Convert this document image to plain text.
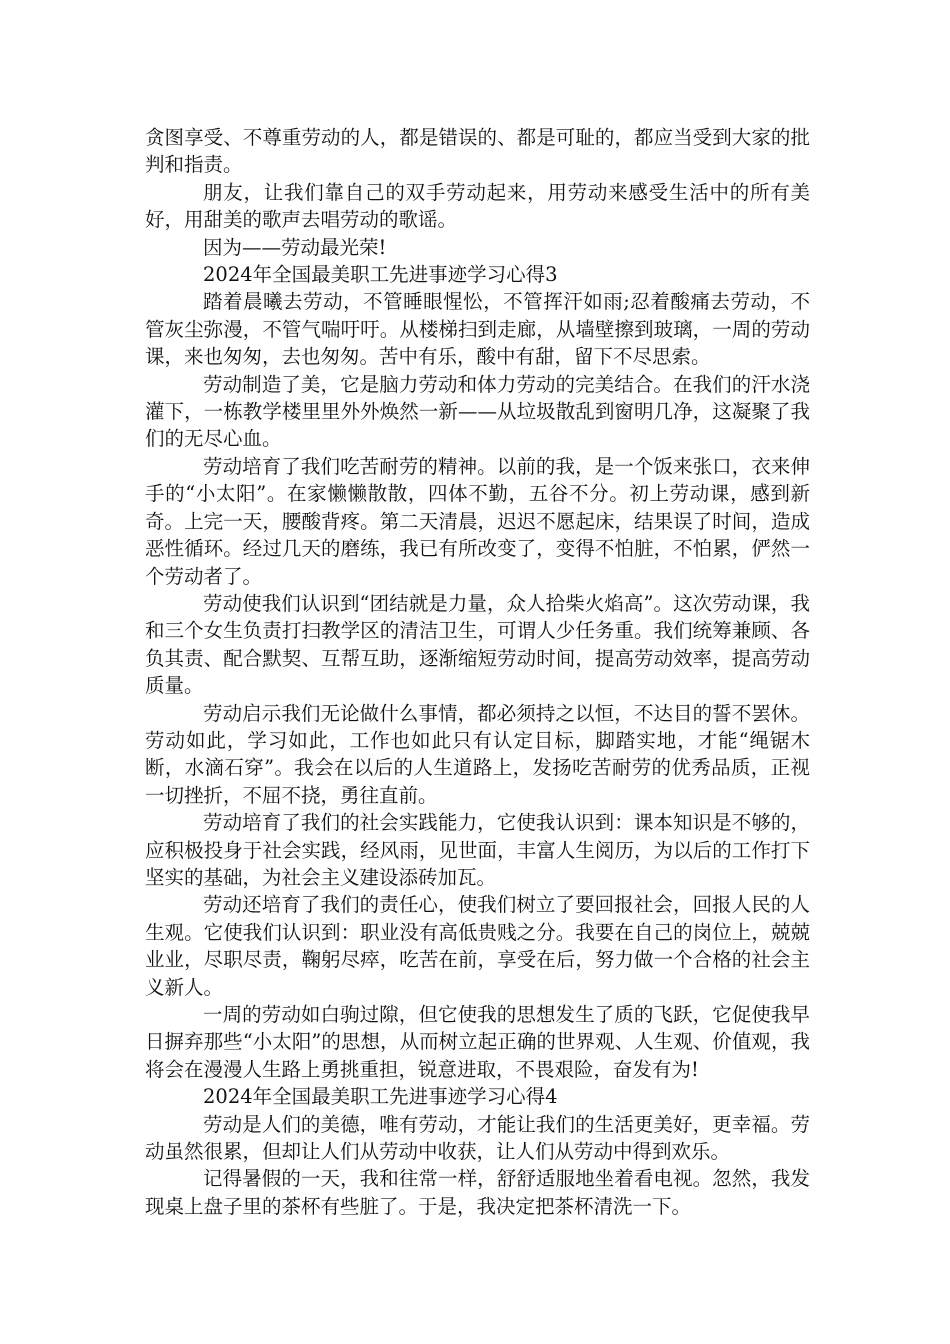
贪图享受、不尊重劳动的人，都是错误的、都是可耻的，都应当受到大家的批判和指责。

朋友，让我们靠自己的双手劳动起来，用劳动来感受生活中的所有美好，用甜美的歌声去唱劳动的歌谣。

因为——劳动最光荣!

2024年全国最美职工先进事迹学习心得3

踏着晨曦去劳动，不管睡眼惺忪，不管挥汗如雨;忍着酸痛去劳动，不管灰尘弥漫，不管气喘吁吁。从楼梯扫到走廊，从墙壁擦到玻璃，一周的劳动课，来也匆匆，去也匆匆。苦中有乐，酸中有甜，留下不尽思索。

劳动制造了美，它是脑力劳动和体力劳动的完美结合。在我们的汗水浇灌下，一栋教学楼里里外外焕然一新——从垃圾散乱到窗明几净，这凝聚了我们的无尽心血。

劳动培育了我们吃苦耐劳的精神。以前的我，是一个饭来张口，衣来伸手的“小太阳”。在家懒懒散散，四体不勤，五谷不分。初上劳动课，感到新奇。上完一天，腰酸背疼。第二天清晨，迟迟不愿起床，结果误了时间，造成恶性循环。经过几天的磨练，我已有所改变了，变得不怕脏，不怕累，俨然一个劳动者了。

劳动使我们认识到“团结就是力量，众人拾柴火焰高”。这次劳动课，我和三个女生负责打扫教学区的清洁卫生，可谓人少任务重。我们统筹兼顾、各负其责、配合默契、互帮互助，逐渐缩短劳动时间，提高劳动效率，提高劳动质量。

劳动启示我们无论做什么事情，都必须持之以恒，不达目的誓不罢休。劳动如此，学习如此，工作也如此只有认定目标，脚踏实地，才能“绳锯木断，水滴石穿”。我会在以后的人生道路上，发扬吃苦耐劳的优秀品质，正视一切挫折，不屈不挠，勇往直前。

劳动培育了我们的社会实践能力，它使我认识到：课本知识是不够的，应积极投身于社会实践，经风雨，见世面，丰富人生阅历，为以后的工作打下坚实的基础，为社会主义建设添砖加瓦。

劳动还培育了我们的责任心，使我们树立了要回报社会，回报人民的人生观。它使我们认识到：职业没有高低贵贱之分。我要在自己的岗位上，兢兢业业，尽职尽责，鞠躬尽瘁，吃苦在前，享受在后，努力做一个合格的社会主义新人。

一周的劳动如白驹过隙，但它使我的思想发生了质的飞跃，它促使我早日摒弃那些“小太阳”的思想，从而树立起正确的世界观、人生观、价值观，我将会在漫漫人生路上勇挑重担，锐意进取，不畏艰险，奋发有为!

2024年全国最美职工先进事迹学习心得4

劳动是人们的美德，唯有劳动，才能让我们的生活更美好，更幸福。劳动虽然很累，但却让人们从劳动中收获，让人们从劳动中得到欢乐。

记得暑假的一天，我和往常一样，舒舒适服地坐着看电视。忽然，我发现桌上盘子里的茶杯有些脏了。于是，我决定把茶杯清洗一下。
